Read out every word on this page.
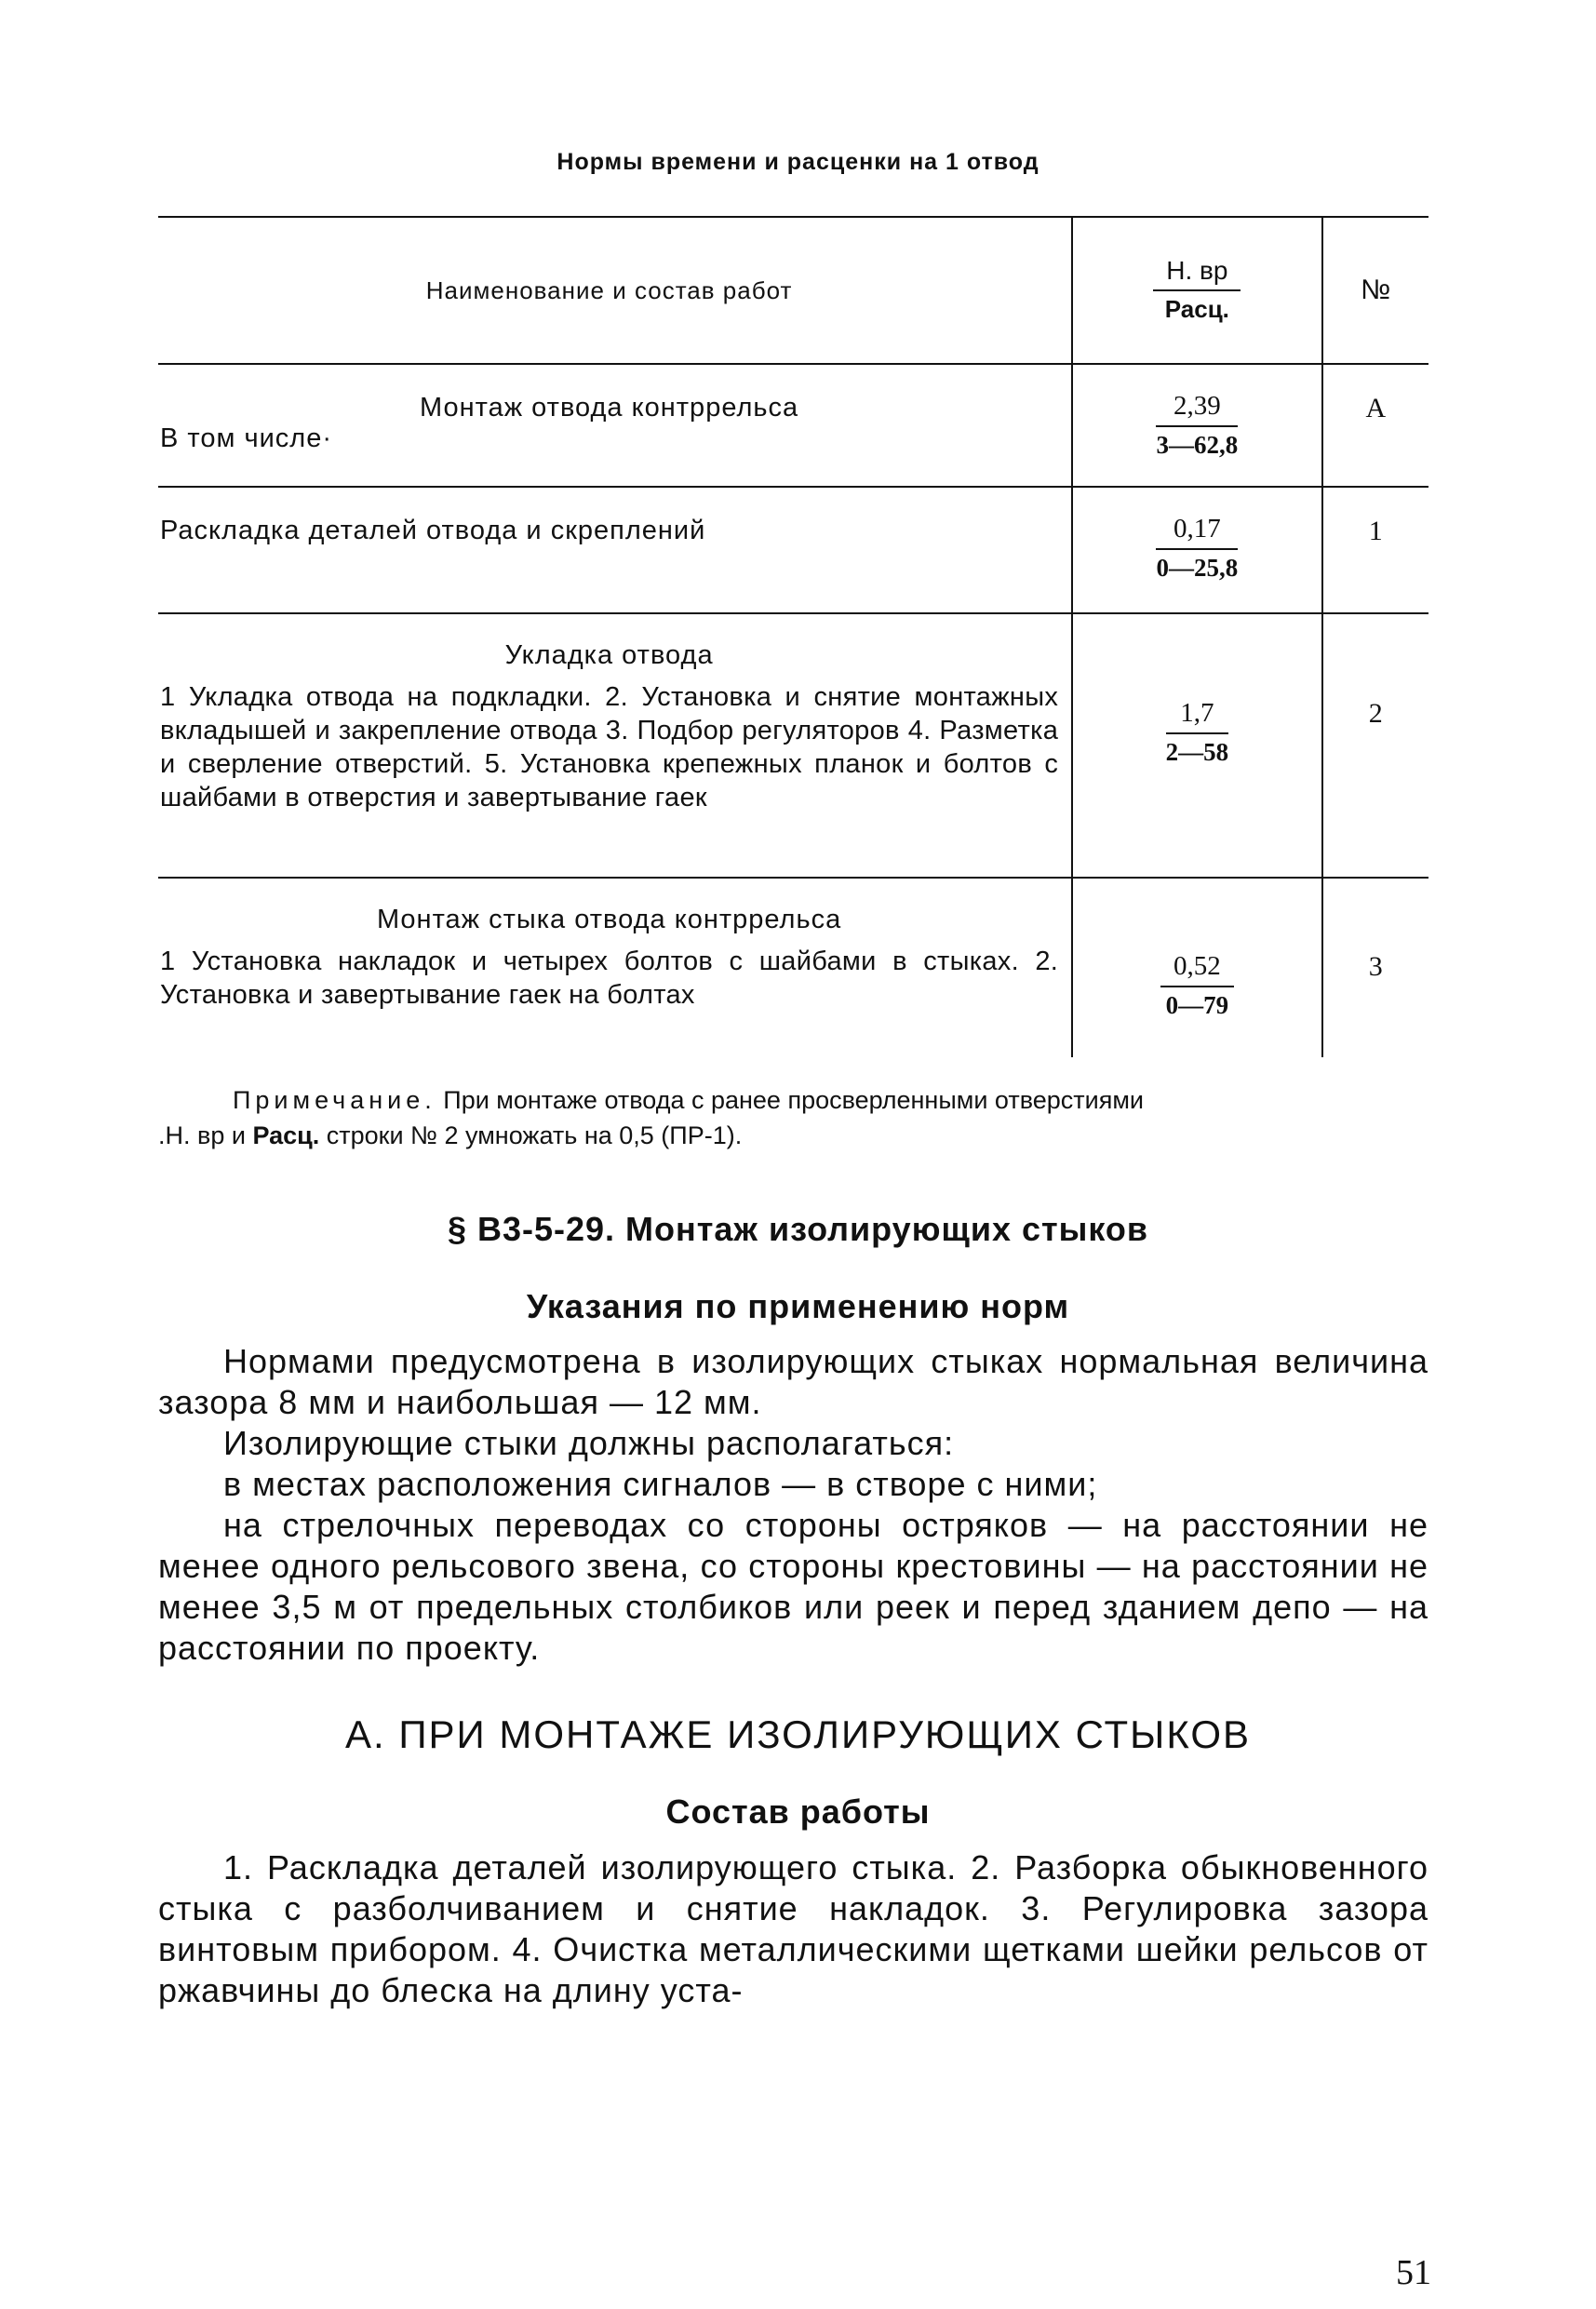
Нормы времени и расценки на 1 отвод
Наименование и состав работ	$\frac{Н. вр}{\text{Расц.}}$	№

Монтаж отвода контррельса
В том числе·	$\frac{2,39}{3—62,8}$	А

Раскладка деталей отвода и скреплений	$\frac{0,17}{0—25,8}$	1

Укладка отвода
1 Укладка отвода на подкладки. 2. Установка и снятие монтажных вкладышей и закрепление отвода 3. Подбор регуляторов 4. Разметка и сверление отверстий. 5. Установка крепежных планок и болтов с шайбами в отверстия и завертывание гаек	$\frac{1,7}{2—58}$	2

Монтаж стыка отвода контррельса
1 Установка накладок и четырех болтов с шайбами в стыках. 2. Установка и завертывание гаек на болтах	$\frac{0,52}{0—79}$	3
Примечание. При монтаже отвода с ранее просверленными отверстиями
.Н. вр и Расц. строки № 2 умножать на 0,5 (ПР-1).
§ В3-5-29. Монтаж изолирующих стыков
Указания по применению норм

Нормами предусмотрена в изолирующих стыках нормальная величина зазора 8 мм и наибольшая — 12 мм.

Изолирующие стыки должны располагаться:

в местах расположения сигналов — в створе с ними;

на стрелочных переводах со стороны остряков — на расстоянии не менее одного рельсового звена, со стороны крестовины — на расстоянии не менее 3,5 м от предельных столбиков или реек и перед зданием депо — на расстоянии по проекту.

А. ПРИ МОНТАЖЕ ИЗОЛИРУЮЩИХ СТЫКОВ
Состав работы

1. Раскладка деталей изолирующего стыка. 2. Разборка обыкновенного стыка с разболчиванием и снятие накладок. 3. Регулировка зазора винтовым прибором. 4. Очистка металлическими щетками шейки рельсов от ржавчины до блеска на длину уста-

51
